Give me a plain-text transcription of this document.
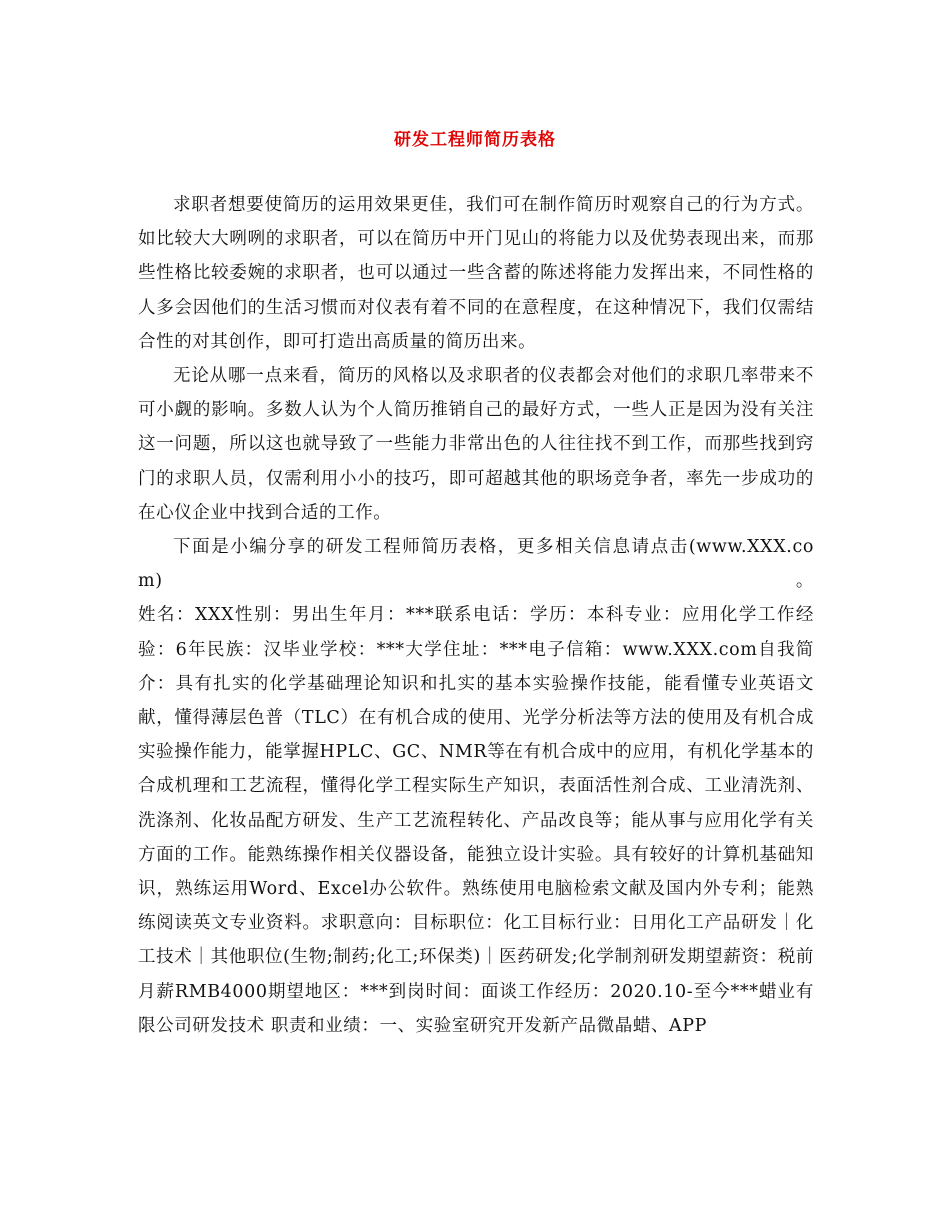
研发工程师简历表格

求职者想要使简历的运用效果更佳，我们可在制作简历时观察自己的行为方式。如比较大大咧咧的求职者，可以在简历中开门见山的将能力以及优势表现出来，而那些性格比较委婉的求职者，也可以通过一些含蓄的陈述将能力发挥出来，不同性格的人多会因他们的生活习惯而对仪表有着不同的在意程度，在这种情况下，我们仅需结合性的对其创作，即可打造出高质量的简历出来。

无论从哪一点来看，简历的风格以及求职者的仪表都会对他们的求职几率带来不可小觑的影响。多数人认为个人简历推销自己的最好方式，一些人正是因为没有关注这一问题，所以这也就导致了一些能力非常出色的人往往找不到工作，而那些找到窍门的求职人员，仅需利用小小的技巧，即可超越其他的职场竞争者，率先一步成功的在心仪企业中找到合适的工作。

下面是小编分享的研发工程师简历表格，更多相关信息请点击(www.XXX.com)。

姓名：XXX性别：男出生年月：***联系电话：学历：本科专业：应用化学工作经验：6年民族：汉毕业学校：***大学住址：***电子信箱：www.XXX.com自我简介：具有扎实的化学基础理论知识和扎实的基本实验操作技能，能看懂专业英语文献，懂得薄层色普（TLC）在有机合成的使用、光学分析法等方法的使用及有机合成实验操作能力，能掌握HPLC、GC、NMR等在有机合成中的应用，有机化学基本的合成机理和工艺流程，懂得化学工程实际生产知识，表面活性剂合成、工业清洗剂、洗涤剂、化妆品配方研发、生产工艺流程转化、产品改良等；能从事与应用化学有关方面的工作。能熟练操作相关仪器设备，能独立设计实验。具有较好的计算机基础知识，熟练运用Word、Excel办公软件。熟练使用电脑检索文献及国内外专利；能熟练阅读英文专业资料。求职意向：目标职位：化工目标行业：日用化工产品研发｜化工技术｜其他职位(生物;制药;化工;环保类)｜医药研发;化学制剂研发期望薪资：税前月薪RMB4000期望地区：***到岗时间：面谈工作经历：2020.10-至今***蜡业有限公司研发技术 职责和业绩：一、实验室研究开发新产品微晶蜡、APP
